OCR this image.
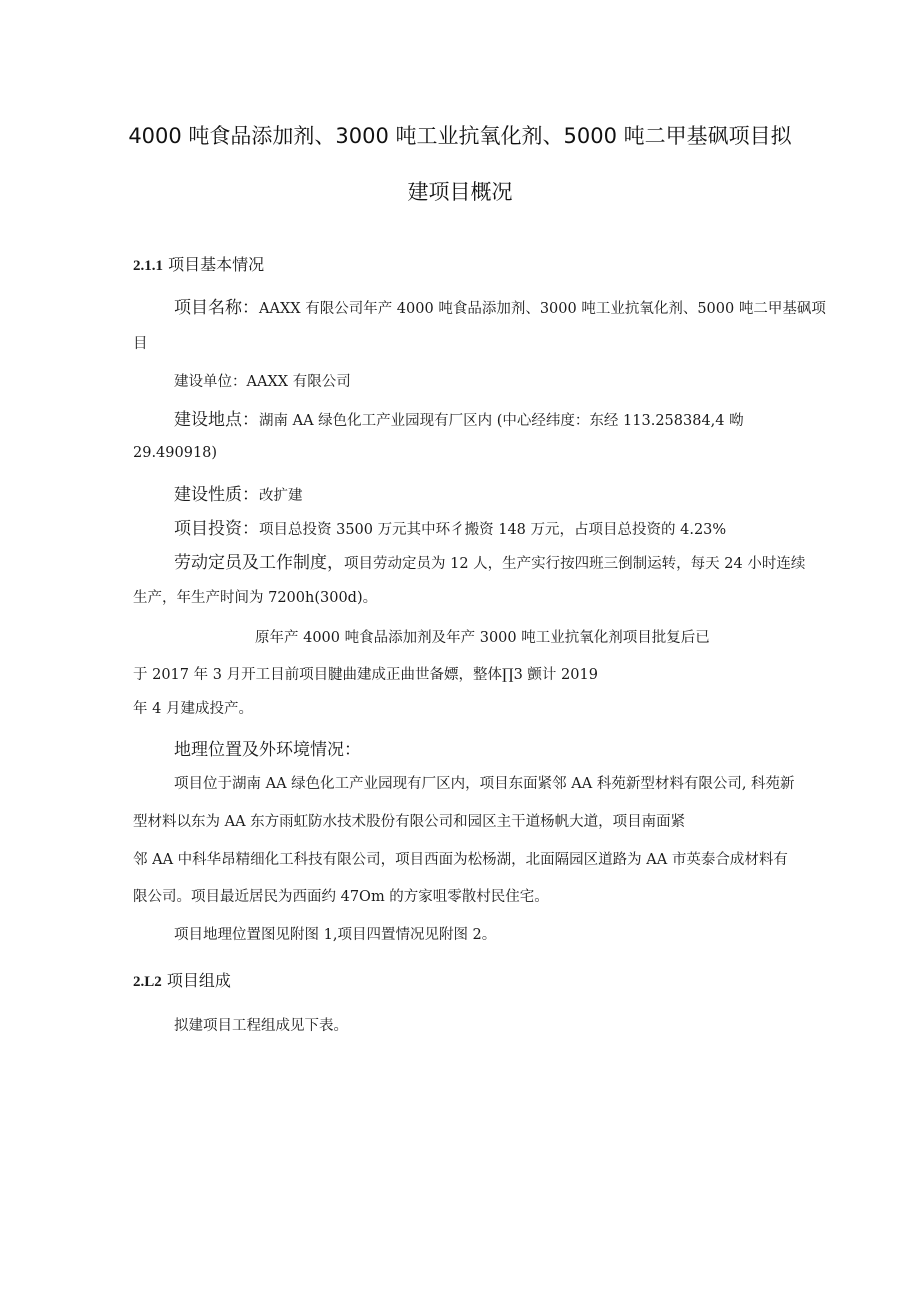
4000 吨食品添加剂、3000 吨工业抗氧化剂、5000 吨二甲基砜项目拟
建项目概况
2.1.1 项目基本情况
项目名称：AAXX 有限公司年产 4000 吨食品添加剂、3000 吨工业抗氧化剂、5000 吨二甲基砜项
目
建设单位：AAXX 有限公司
建设地点：湖南 AA 绿色化工产业园现有厂区内 (中心经纬度：东经 113.258384,4 呦
29.490918)
建设性质：改扩建
项目投资：项目总投资 3500 万元其中环彳搬资 148 万元，占项目总投资的 4.23%
劳动定员及工作制度，项目劳动定员为 12 人，生产实行按四班三倒制运转，每天 24 小时连续
生产，年生产时间为 7200h(300d)。
原年产 4000 吨食品添加剂及年产 3000 吨工业抗氧化剂项目批复后已
于 2017 年 3 月开工目前项目腱曲建成正曲世备嫖，整体∏3 颤计 2019
年 4 月建成投产。
地理位置及外环境情况：
项目位于湖南 AA 绿色化工产业园现有厂区内，项目东面紧邻 AA 科苑新型材料有限公司, 科苑新
型材料以东为 AA 东方雨虹防水技术股份有限公司和园区主干道杨帆大道，项目南面紧
邻 AA 中科华昂精细化工科技有限公司，项目西面为松杨湖，北面隔园区道路为 AA 市英泰合成材料有
限公司。项目最近居民为西面约 47Om 的方家咀零散村民住宅。
项目地理位置图见附图 1,项目四置情况见附图 2。
2.L2 项目组成
拟建项目工程组成见下表。
